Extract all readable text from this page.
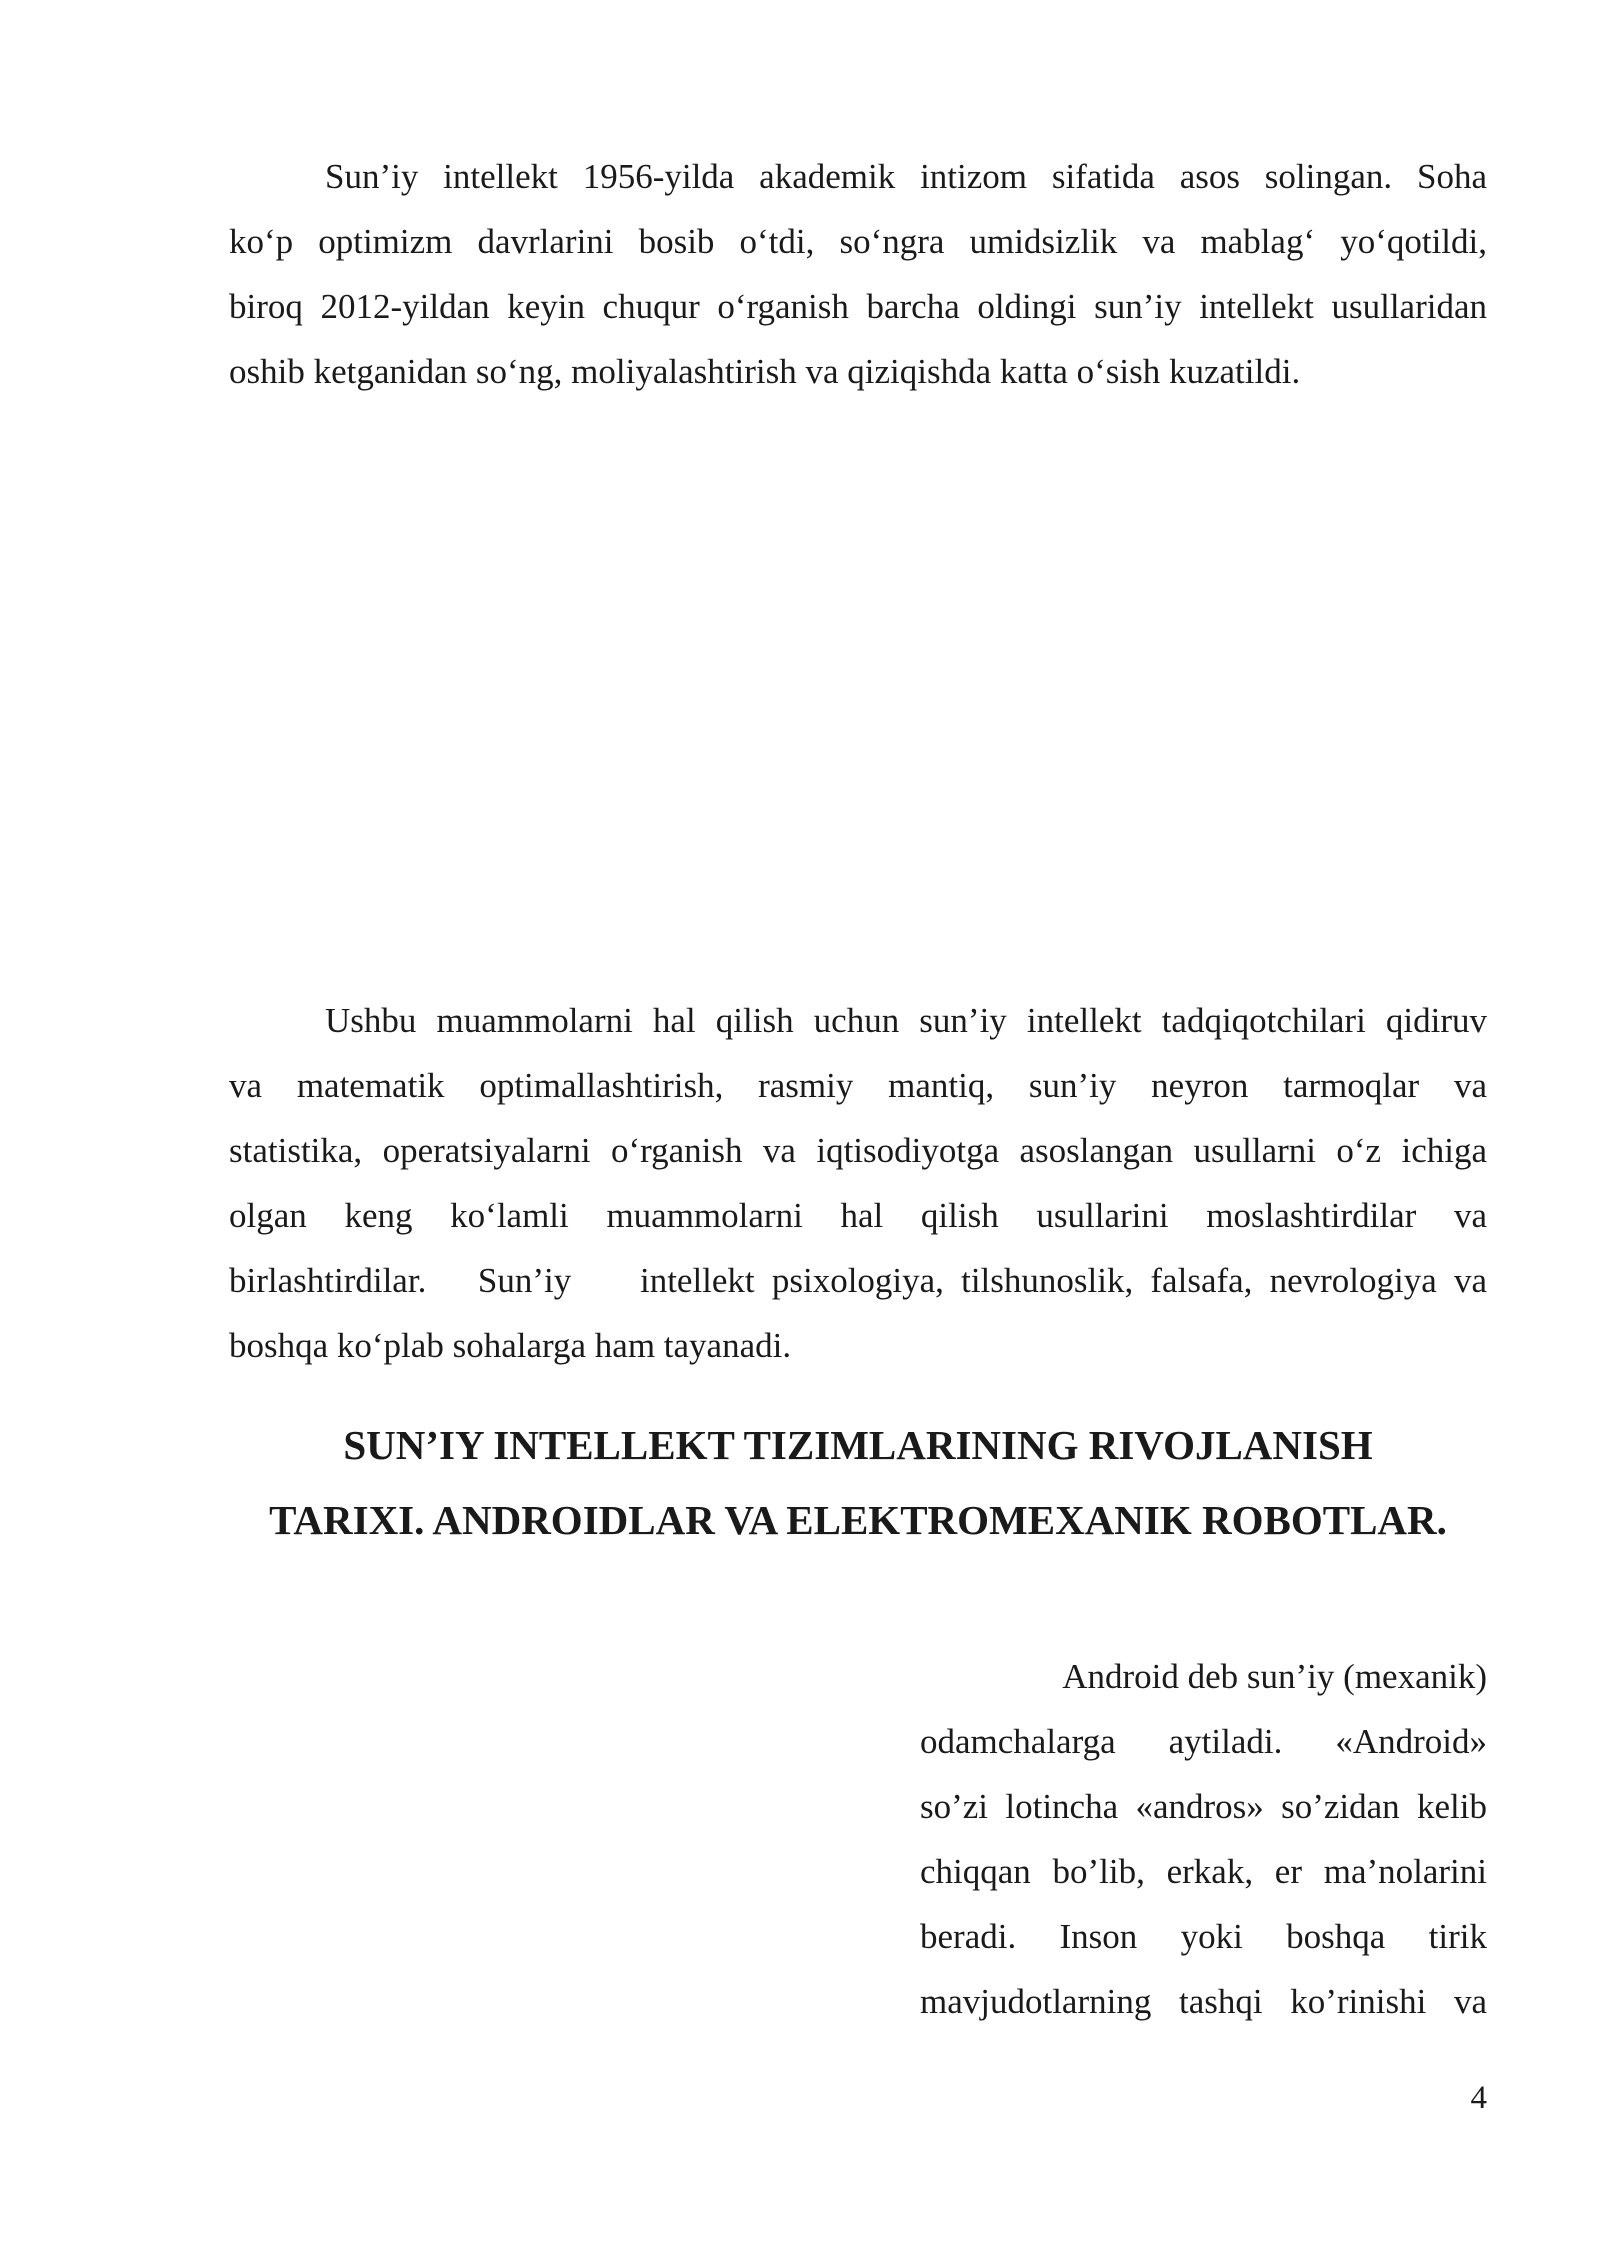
Sun’iy intellekt 1956-yilda akademik intizom sifatida asos solingan. Soha
ko‘p optimizm davrlarini bosib o‘tdi, so‘ngra umidsizlik va mablag‘ yo‘qotildi,
biroq 2012-yildan keyin chuqur o‘rganish barcha oldingi sun’iy intellekt usullaridan
oshib ketganidan so‘ng, moliyalashtirish va qiziqishda katta o‘sish kuzatildi.
Ushbu muammolarni hal qilish uchun sun’iy intellekt tadqiqotchilari qidiruv
va matematik optimallashtirish, rasmiy mantiq, sun’iy neyron tarmoqlar va
statistika, operatsiyalarni o‘rganish va iqtisodiyotga asoslangan usullarni o‘z ichiga
olgan keng ko‘lamli muammolarni hal qilish usullarini moslashtirdilar va
birlashtirdilar.   Sun’iy    intellekt psixologiya, tilshunoslik, falsafa, nevrologiya va
boshqa ko‘plab sohalarga ham tayanadi.
SUN’IY INTELLEKT TIZIMLARINING RIVOJLANISH
TARIXI. ANDROIDLAR VA ELEKTROMEXANIK ROBOTLAR.
Android deb sun’iy (mexanik)
odamchalarga aytiladi. «Android»
so’zi lotincha «andros» so’zidan kelib
chiqqan bo’lib, erkak, er ma’nolarini
beradi. Inson yoki boshqa tirik
mavjudotlarning tashqi ko’rinishi va
4
